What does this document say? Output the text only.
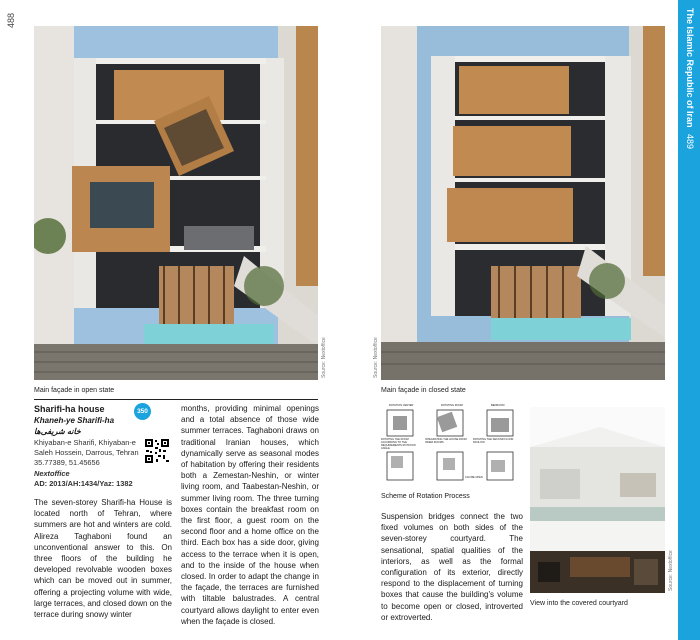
488
Source: Nextoffice
Main façade in open state
Sharifi-ha house
Khaneh-ye Sharifi-ha
خانه شریفی‌ها
Khiyaban-e Sharifi, Khiyaban-e
Saleh Hossein, Darrous, Tehran
35.77389, 51.45656
Nextoffice
AD: 2013/AH:1434/Yaz: 1382
350

The seven-storey Sharifi-ha House is located north of Tehran, where summers are hot and winters are cold. Alireza Taghaboni found an unconventional answer to this. On three floors of the building he developed revolvable wooden boxes which can be moved out in summer, offering a projecting volume with wide, large terraces, and closed down on the terrace during snowy winter

months, providing minimal openings and a total absence of those wide summer terraces. Taghaboni draws on traditional Iranian houses, which dynamically serve as seasonal modes of habitation by offering their residents both a Zemestan-Neshin, or winter living room, and Taabestan-Neshin, or summer living room. The three turning boxes contain the breakfast room on the first floor, a guest room on the second floor and a home office on the third. Each box has a side door, giving access to the terrace when it is open, and to the inside of the house when closed. In order to adapt the change in the façade, the terraces are furnished with tiltable balustrades. A central courtyard allows daylight to enter even when the façade is closed.

Source: Nextoffice
Main façade in closed state
ROTATION CENTER	ROTATING ROOM	BEDROOM
ROTATING THE ROOM ACCORDING TO THE REQUIREMENTS ROTATION ANGLE
INTEGRATING THE HOUSE FROM INNER ROOMS
ROTATING THE SECOND FLOOR PAVILION
CAN BE OPEN
Scheme of Rotation Process

Suspension bridges connect the two fixed volumes on both sides of the seven-storey courtyard. The sensational, spatial qualities of the interiors, as well as the formal configuration of its exterior, directly respond to the displacement of turning boxes that cause the building's volume to become open or closed, introverted or extroverted.

Source: Nextoffice
View into the covered courtyard
The Islamic Republic of Iran 489
